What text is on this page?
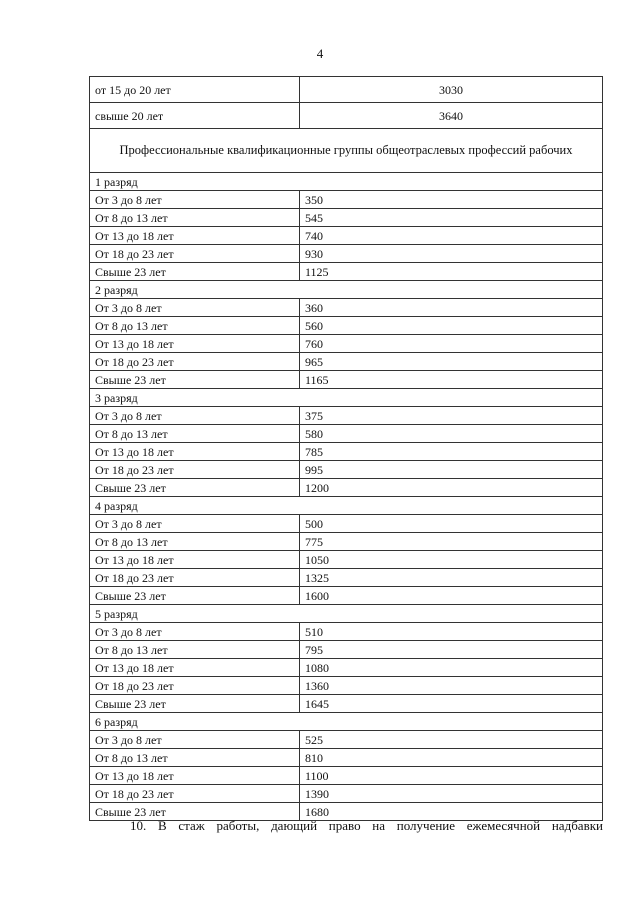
4
от 15 до 20 лет	3030
свыше 20 лет	3640
Профессиональные квалификационные группы общеотраслевых профессий рабочих	
1 разряд	
От 3 до 8 лет	350
От 8 до 13 лет	545
От 13 до 18 лет	740
От 18 до 23 лет	930
Свыше 23 лет	1125
2 разряд	
От 3 до 8 лет	360
От 8 до 13 лет	560
От 13 до 18 лет	760
От 18 до 23 лет	965
Свыше 23 лет	1165
3 разряд	
От 3 до 8 лет	375
От 8 до 13 лет	580
От 13 до 18 лет	785
От 18 до 23 лет	995
Свыше 23 лет	1200
4 разряд	
От 3 до 8 лет	500
От 8 до 13 лет	775
От 13 до 18 лет	1050
От 18 до 23 лет	1325
Свыше 23 лет	1600
5 разряд	
От 3 до 8 лет	510
От 8 до 13 лет	795
От 13 до 18 лет	1080
От 18 до 23 лет	1360
Свыше 23 лет	1645
6 разряд	
От 3 до 8 лет	525
От 8 до 13 лет	810
От 13 до 18 лет	1100
От 18 до 23 лет	1390
Свыше 23 лет	1680
10. В стаж работы, дающий право на получение ежемесячной надбавки
